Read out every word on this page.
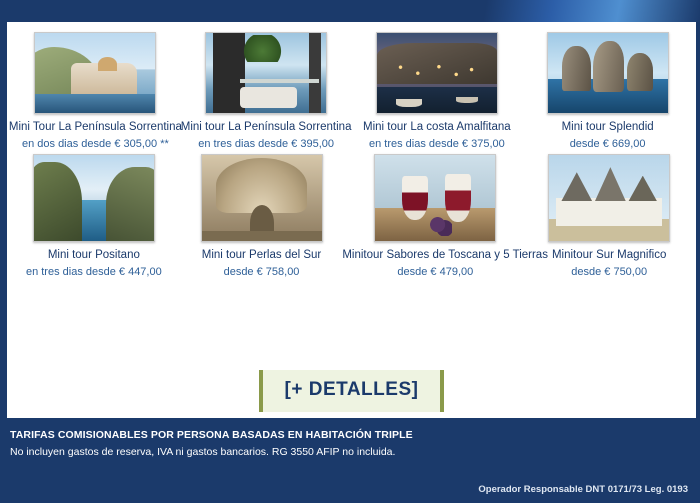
Mini Tour La Península Sorrentina
en dos dias desde € 305,00 **
Mini tour La Península Sorrentina
en tres dias desde € 395,00
Mini tour La costa Amalfitana
en tres dias desde € 375,00
Mini tour Splendid
desde € 669,00
Mini tour Positano
en tres dias desde € 447,00
Mini tour Perlas del Sur
desde € 758,00
Minitour Sabores de Toscana y 5 Tierras
desde € 479,00
Minitour Sur Magnifico
desde € 750,00
[+ DETALLES]
TARIFAS COMISIONABLES POR PERSONA BASADAS EN HABITACIÓN TRIPLE
No incluyen gastos de reserva, IVA ni gastos bancarios. RG 3550 AFIP no incluida.
Operador Responsable DNT 0171/73 Leg. 0193
